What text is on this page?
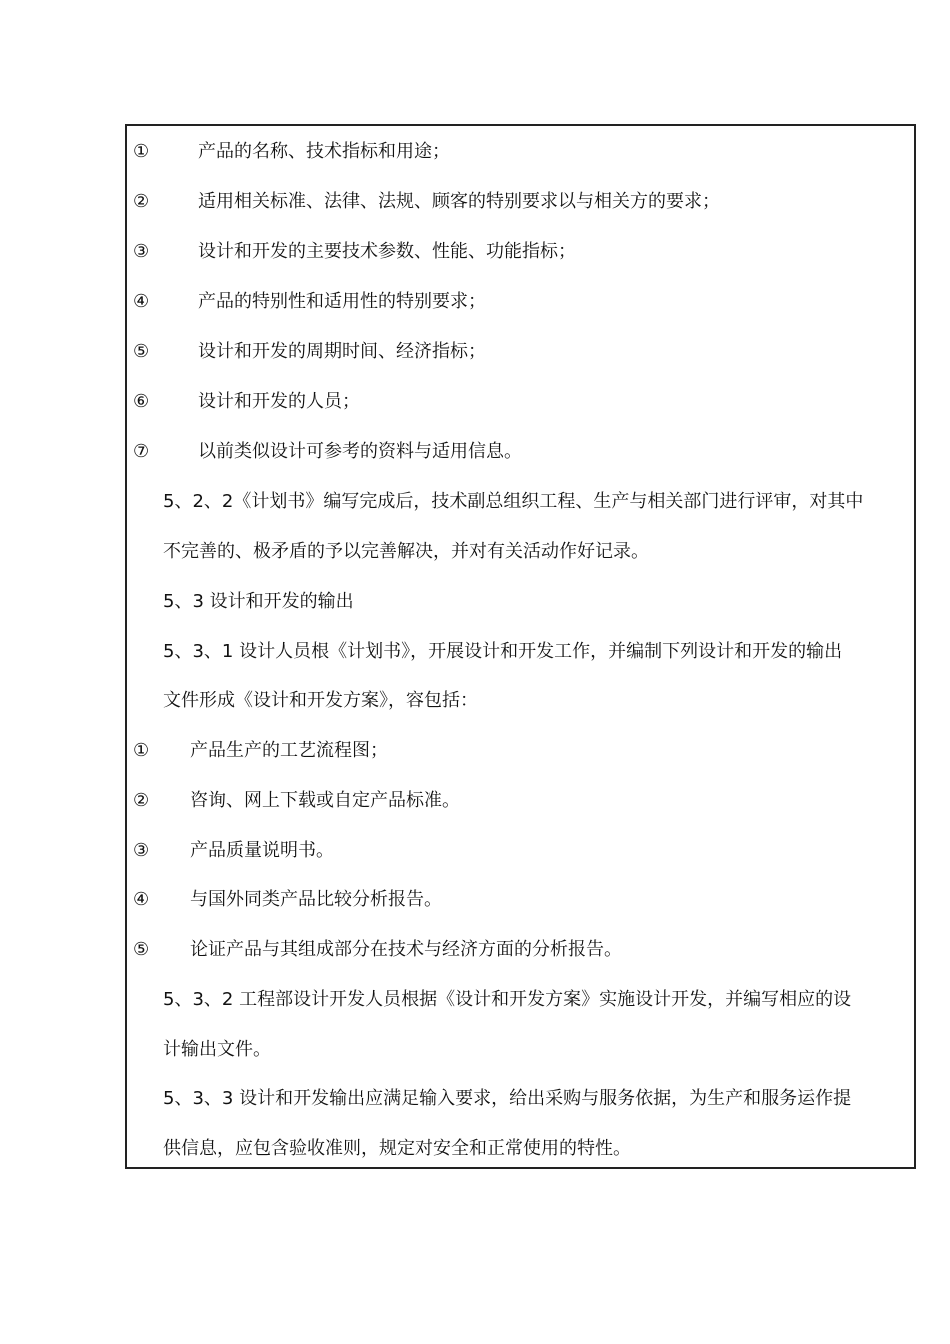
①	产品的名称、技术指标和用途；
②	适用相关标准、法律、法规、顾客的特别要求以与相关方的要求；
③	设计和开发的主要技术参数、性能、功能指标；
④	产品的特别性和适用性的特别要求；
⑤	设计和开发的周期时间、经济指标；
⑥	设计和开发的人员；
⑦	以前类似设计可参考的资料与适用信息。
5、2、2《计划书》编写完成后，技术副总组织工程、生产与相关部门进行评审，对其中
不完善的、极矛盾的予以完善解决，并对有关活动作好记录。
5、3 设计和开发的输出
5、3、1 设计人员根《计划书》，开展设计和开发工作，并编制下列设计和开发的输出
文件形成《设计和开发方案》，容包括：
① 产品生产的工艺流程图；
② 咨询、网上下载或自定产品标准。
③ 产品质量说明书。
④ 与国外同类产品比较分析报告。
⑤ 论证产品与其组成部分在技术与经济方面的分析报告。
5、3、2 工程部设计开发人员根据《设计和开发方案》实施设计开发，并编写相应的设
计输出文件。
5、3、3 设计和开发输出应满足输入要求，给出采购与服务依据，为生产和服务运作提
供信息，应包含验收准则，规定对安全和正常使用的特性。
